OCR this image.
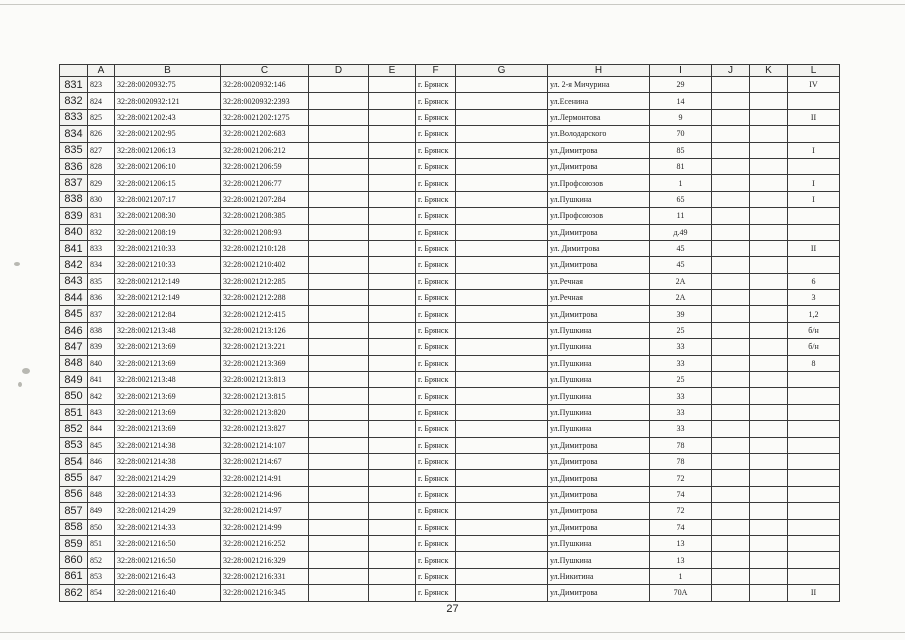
	A	B	C	D	E	F	G	H	I	J	K	L
831	823	32:28:0020932:75	32:28:0020932:146			г. Брянск		ул. 2-я Мичурина	29			IV
832	824	32:28:0020932:121	32:28:0020932:2393			г. Брянск		ул.Есенина	14			
833	825	32:28:0021202:43	32:28:0021202:1275			г. Брянск		ул.Лермонтова	9			II
834	826	32:28:0021202:95	32:28:0021202:683			г. Брянск		ул.Володарского	70			
835	827	32:28:0021206:13	32:28:0021206:212			г. Брянск		ул.Димитрова	85			I
836	828	32:28:0021206:10	32:28:0021206:59			г. Брянск		ул.Димитрова	81			
837	829	32:28:0021206:15	32:28:0021206:77			г. Брянск		ул.Профсоюзов	1			I
838	830	32:28:0021207:17	32:28:0021207:284			г. Брянск		ул.Пушкина	65			I
839	831	32:28:0021208:30	32:28:0021208:385			г. Брянск		ул.Профсоюзов	11			
840	832	32:28:0021208:19	32:28:0021208:93			г. Брянск		ул.Димитрова	д.49			
841	833	32:28:0021210:33	32:28:0021210:128			г. Брянск		ул. Димитрова	45			II
842	834	32:28:0021210:33	32:28:0021210:402			г. Брянск		ул.Димитрова	45			
843	835	32:28:0021212:149	32:28:0021212:285			г. Брянск		ул.Речная	2А			6
844	836	32:28:0021212:149	32:28:0021212:288			г. Брянск		ул.Речная	2А			3
845	837	32:28:0021212:84	32:28:0021212:415			г. Брянск		ул.Димитрова	39			1,2
846	838	32:28:0021213:48	32:28:0021213:126			г. Брянск		ул.Пушкина	25			б/н
847	839	32:28:0021213:69	32:28:0021213:221			г. Брянск		ул.Пушкина	33			б/н
848	840	32:28:0021213:69	32:28:0021213:369			г. Брянск		ул.Пушкина	33			8
849	841	32:28:0021213:48	32:28:0021213:813			г. Брянск		ул.Пушкина	25			
850	842	32:28:0021213:69	32:28:0021213:815			г. Брянск		ул.Пушкина	33			
851	843	32:28:0021213:69	32:28:0021213:820			г. Брянск		ул.Пушкина	33			
852	844	32:28:0021213:69	32:28:0021213:827			г. Брянск		ул.Пушкина	33			
853	845	32:28:0021214:38	32:28:0021214:107			г. Брянск		ул.Димитрова	78			
854	846	32:28:0021214:38	32:28:0021214:67			г. Брянск		ул.Димитрова	78			
855	847	32:28:0021214:29	32:28:0021214:91			г. Брянск		ул.Димитрова	72			
856	848	32:28:0021214:33	32:28:0021214:96			г. Брянск		ул.Димитрова	74			
857	849	32:28:0021214:29	32:28:0021214:97			г. Брянск		ул.Димитрова	72			
858	850	32:28:0021214:33	32:28:0021214:99			г. Брянск		ул.Димитрова	74			
859	851	32:28:0021216:50	32:28:0021216:252			г. Брянск		ул.Пушкина	13			
860	852	32:28:0021216:50	32:28:0021216:329			г. Брянск		ул.Пушкина	13			
861	853	32:28:0021216:43	32:28:0021216:331			г. Брянск		ул.Никитина	1			
862	854	32:28:0021216:40	32:28:0021216:345			г. Брянск		ул.Димитрова	70А			II
27
